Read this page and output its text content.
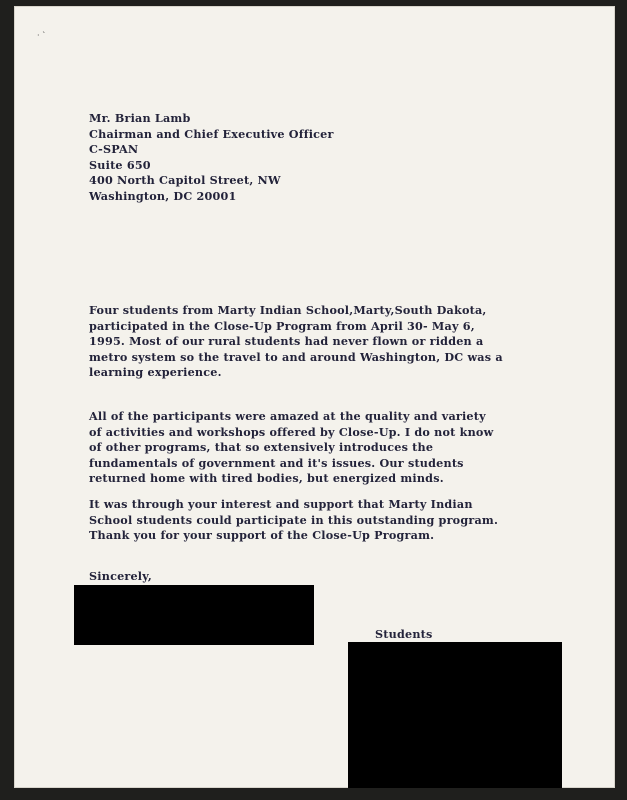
· ˋ
Mr. Brian Lamb
Chairman and Chief Executive Officer
C-SPAN
Suite 650
400 North Capitol Street, NW
Washington, DC 20001
Four students from Marty Indian School,Marty,South Dakota,
participated in the Close-Up Program from April 30- May 6,
1995. Most of our rural students had never flown or ridden a
metro system so the travel to and around Washington, DC was a
learning experience.
All of the participants were amazed at the quality and variety
of activities and workshops offered by Close-Up. I do not know
of other programs, that so extensively introduces the
fundamentals of government and it's issues. Our students
returned home with tired bodies, but energized minds.
It was through your interest and support that Marty Indian
School students could participate in this outstanding program.
Thank you for your support of the Close-Up Program.
Sincerely,
Students
